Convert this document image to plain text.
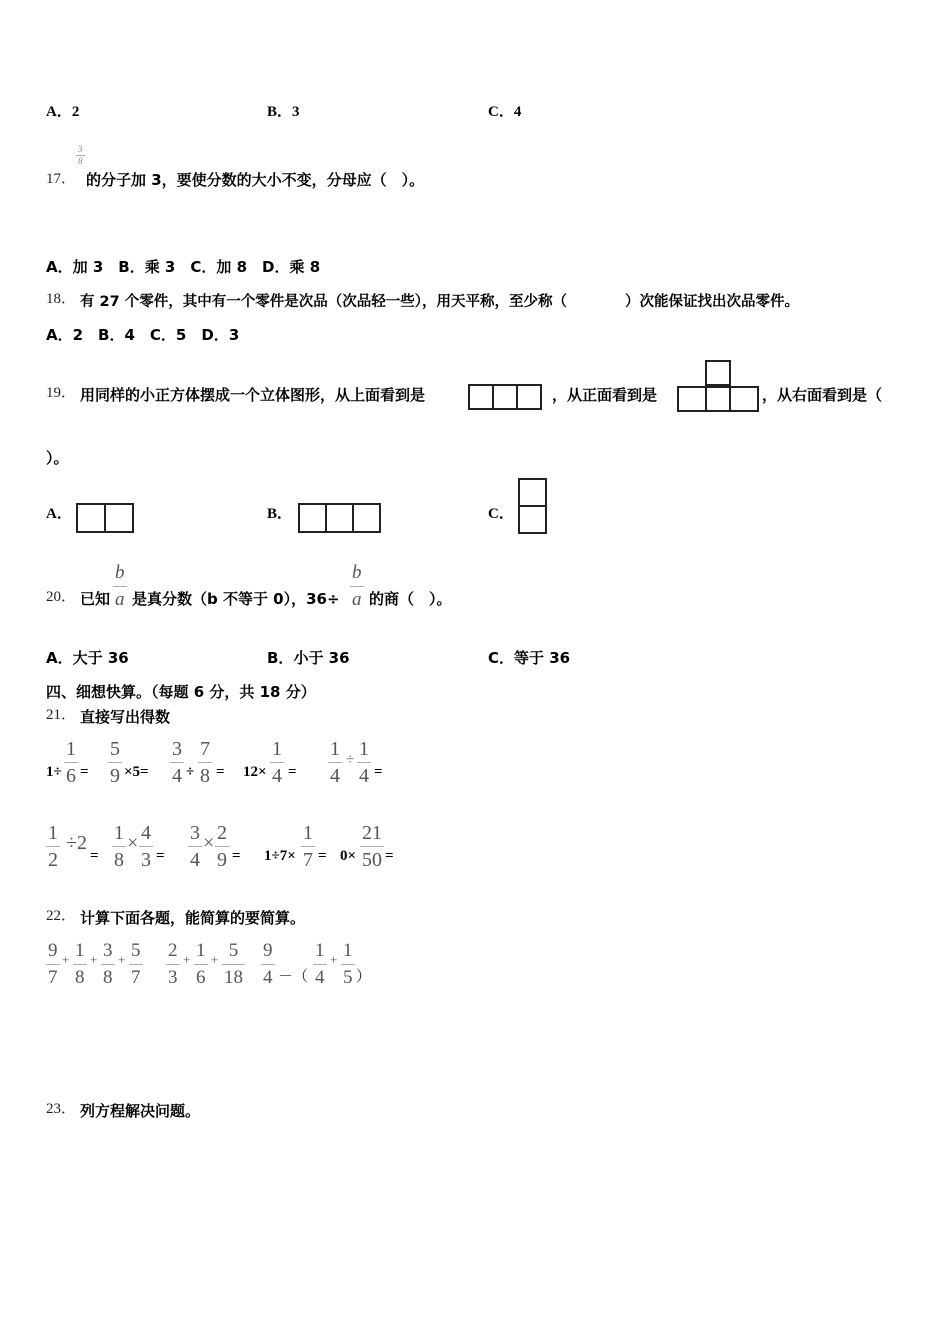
A．2	B．3	C．4
17．
3
8
的分子加 3，要使分数的大小不变，分母应（　）。
A．加 3　B．乘 3　C．加 8　D．乘 8
18． 有 27 个零件，其中有一个零件是次品（次品轻一些），用天平称，至少称（　　　　）次能保证找出次品零件。
A．2　B．4　C．5　D．3
19． 用同样的小正方体摆成一个立体图形，从上面看到是	，从正面看到是	，从右面看到是（
）。
A．	B．	C．
20． 已知
b
a 是真分数（b 不等于 0），36÷
b
a 的商（　）。
A．大于 36	B．小于 36	C．等于 36
四、细想快算。（每题 6 分，共 18 分）
21． 直接写出得数
1÷
1
6 =
5
9 ×5=
3
4 ÷
7
8 = 12×
1
4 =
1
4
÷ 1
4 =
1
2
÷2
=
1
8
× 4
3 =
3
4
× 2
9 = 1÷7×
1
7 = 0×
21
50 =
22． 计算下面各题，能简算的要简算。
9
7
+ 1
8
+ 3
8
+ 5
7
2
3
+ 1
6
+ 5
18
9
4 －（
1
4
+ 1
5 ）
23． 列方程解决问题。
